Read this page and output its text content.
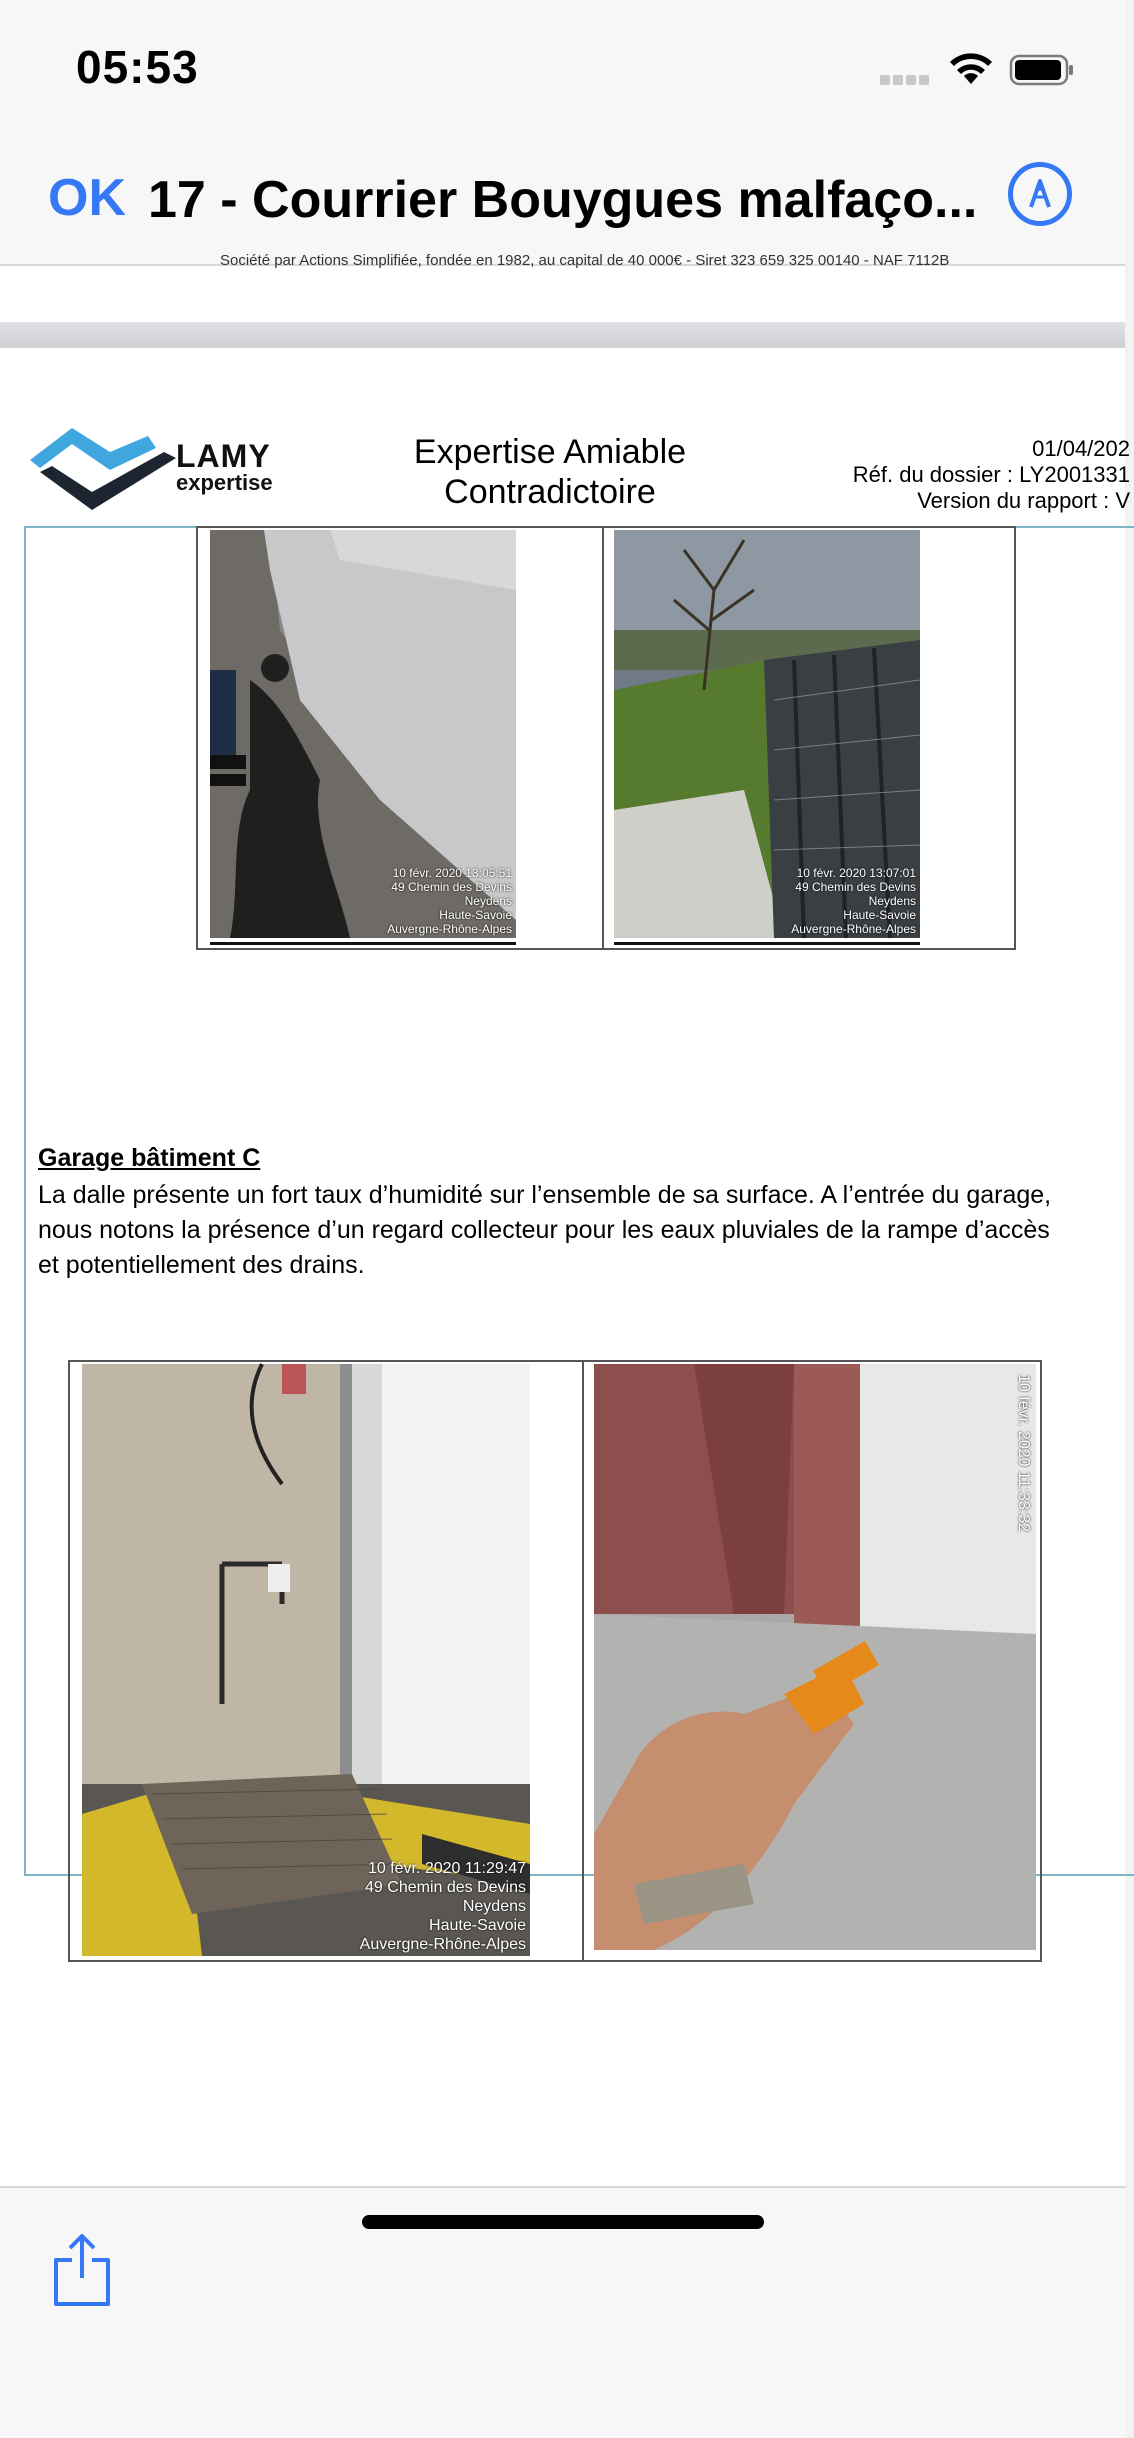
05:53
OK 17 - Courrier Bouygues malfaço...
Société par Actions Simplifiée, fondée en 1982, au capital de 40 000€ - Siret 323 659 325 00140 - NAF 7112B
LAMY
expertise
Expertise Amiable
Contradictoire
01/04/202
Réf. du dossier : LY2001331
Version du rapport : V
10 févr. 2020 13:05:51
49 Chemin des Devins
Neydens
Haute-Savoie
Auvergne-Rhône-Alpes
10 févr. 2020 13:07:01
49 Chemin des Devins
Neydens
Haute-Savoie
Auvergne-Rhône-Alpes
Garage bâtiment C
La dalle présente un fort taux d’humidité sur l’ensemble de sa surface. A l’entrée du garage,
nous notons la présence d’un regard collecteur pour les eaux pluviales de la rampe d’accès
et potentiellement des drains.
10 févr. 2020 11:29:47
49 Chemin des Devins
Neydens
Haute-Savoie
Auvergne-Rhône-Alpes
10 févr. 2020 11:33:32
